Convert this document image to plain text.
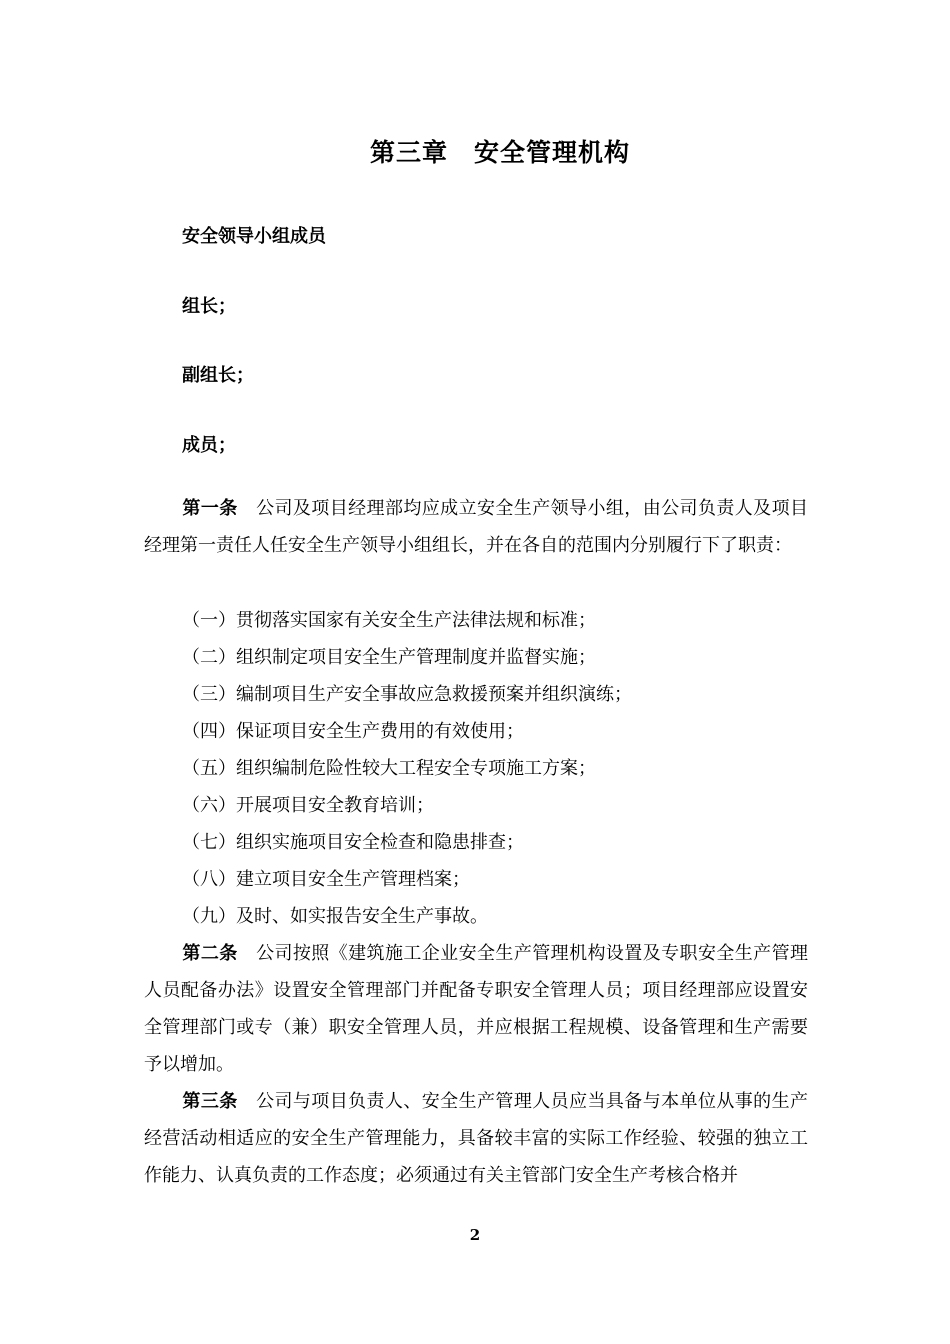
第三章　安全管理机构
安全领导小组成员
组长；
副组长；
成员；
第一条　公司及项目经理部均应成立安全生产领导小组，由公司负责人及项目经理第一责任人任安全生产领导小组组长，并在各自的范围内分别履行下了职责：
（一）贯彻落实国家有关安全生产法律法规和标准；
（二）组织制定项目安全生产管理制度并监督实施；
（三）编制项目生产安全事故应急救援预案并组织演练；
（四）保证项目安全生产费用的有效使用；
（五）组织编制危险性较大工程安全专项施工方案；
（六）开展项目安全教育培训；
（七）组织实施项目安全检查和隐患排查；
（八）建立项目安全生产管理档案；
（九）及时、如实报告安全生产事故。
第二条　公司按照《建筑施工企业安全生产管理机构设置及专职安全生产管理人员配备办法》设置安全管理部门并配备专职安全管理人员；项目经理部应设置安全管理部门或专（兼）职安全管理人员，并应根据工程规模、设备管理和生产需要予以增加。
第三条　公司与项目负责人、安全生产管理人员应当具备与本单位从事的生产经营活动相适应的安全生产管理能力，具备较丰富的实际工作经验、较强的独立工作能力、认真负责的工作态度；必须通过有关主管部门安全生产考核合格并
2
